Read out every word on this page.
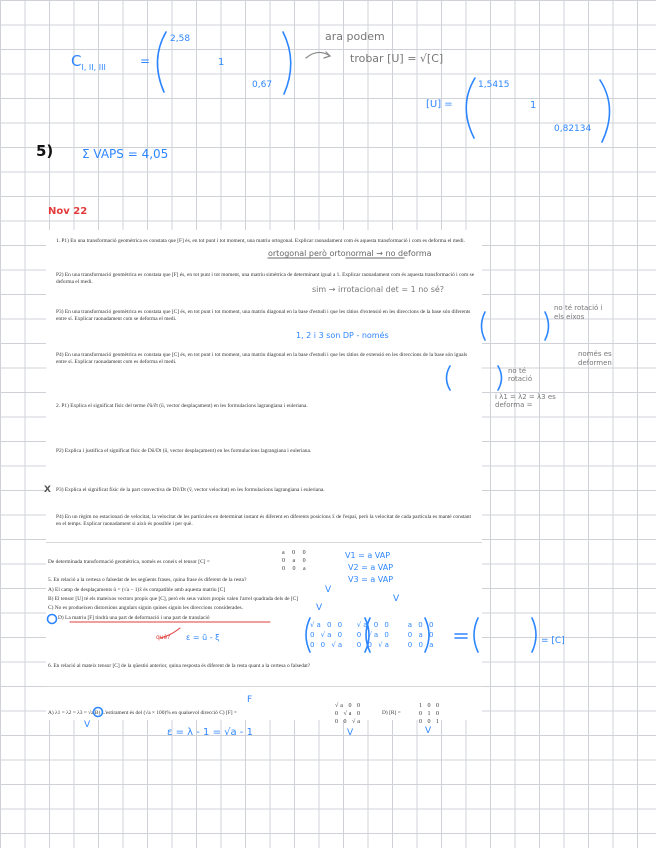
$C_{I, II, III}$	=
2,58
1
0,67
ara podem
trobar [U] = √[C]
[U] =
1,5415
1
0,82134
5) Σ VAPS = 4,05
Nov 22
1. P1) En una transformació geomètrica es constata que [F] és, en tot punt i tot moment, una matriu ortogonal. Explicar raonadament com és aquesta transformació i com es deforma el medi.
ortogonal però ortonormal → no deforma
P2) En una transformació geomètrica es constata que [F] és, en tot punt i tot moment, una matriu simètrica de determinant igual a 1. Explicar raonadament com és aquesta transformació i com se deforma el medi.
sim → irrotacional det = 1 no sé?
P3) En una transformació geomètrica es constata que [C] és, en tot punt i tot moment, una matriu diagonal en la base d'estudi i que les ràtios d'extensió en les direccions de la base són diferents entre sí. Explicar raonadament com se deforma el medi.
1, 2 i 3 son DP - només
no té rotació i els eixos
només es deformen
P4) En una transformació geomètrica es constata que [C] és, en tot punt i tot moment, una matriu diagonal en la base d'estudi i que les ràtios de extensió en les direccions de la base són iguals entre sí. Explicar raonadament com es deforma el medi.
no té rotació
i λ1 = λ2 = λ3 es deforma =
2. P1) Explica el significat físic del terme ∂ū/∂t (ū, vector desplaçament) en les formulacions lagrangiana i euleriana.
P2) Explica i justifica el significat físic de Dū/Dt (ū, vector desplaçament) en les formulacions lagrangiana i euleriana.
X P3) Explica el significat físic de la part convectiva de Dv̄/Dt (v̄, vector velocitat) en les formulacions lagrangiana i euleriana.
P4) En un règim no estacionari de velocitat, la velocitat de les partícules en determinat instant és diferent en diferents posicions x̄ de l'espai, però la velocitat de cada partícula es manté constant en el temps. Explicar raonadament si això és possible i per què.
De determinada transformació geomètrica, només es coneix el tensor [C] =
a 0 0
0 a 0
0 0 a
V1 = a VAP
V2 = a VAP
V3 = a VAP
5. En relació a la certesa o falsedat de les següents frases, quina frase és diferent de la resta?
A) El camp de desplaçaments ū = (√a − 1)x̄ és compatible amb aquesta matriu [C]	V
B) El tensor [U] té els mateixos vectors propis que [C], però els seus valors propis valen l'arrel quadrada dels de [C]	V
C) No es produeixen distorsions angulars siguin quines siguin les direccions considerades.	V
D) La matriu [F] tindrà una part de deformació i una part de translació
què? ε = ū - ξ
√a 0 0   √a 0 0    a 0 0
0 √a 0   0 √a 0    0 a 0
0 0 √a   0 0 √a    0 0 a	= [C]
6. En relació al mateix tensor [C] de la qüestió anterior, quina resposta és diferent de la resta quant a la certesa o falsedat?
F
A) λ1 = λ2 = λ3 = √a B) L'estirament és del (√a × 100)% en qualsevol direcció C) [F] =
√a 0 0
0 √a 0
0 0 √a
D) [R] =
1 0 0
0 1 0
0 0 1
V
V	V
ε = λ - 1 = √a - 1
